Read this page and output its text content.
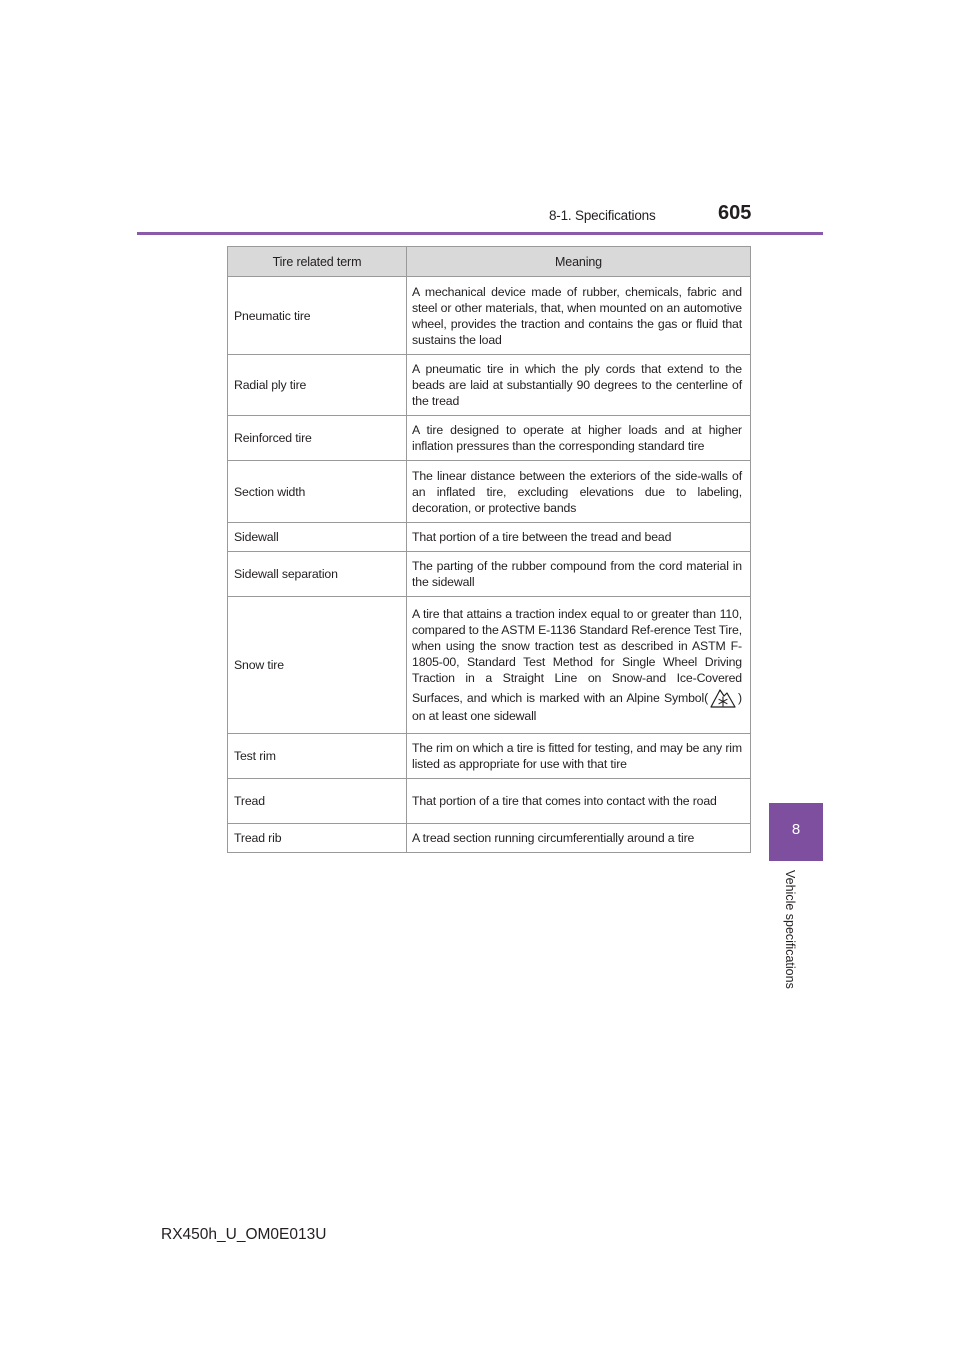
8-1. Specifications	605
8
Vehicle specifications
Tire related term	Meaning
Pneumatic tire	A mechanical device made of rubber, chemicals, fabric and steel or other materials, that, when mounted on an automotive wheel, provides the traction and contains the gas or fluid that sustains the load
Radial ply tire	A pneumatic tire in which the ply cords that extend to the beads are laid at substantially 90 degrees to the centerline of the tread
Reinforced tire	A tire designed to operate at higher loads and at higher inflation pressures than the corresponding standard tire
Section width	The linear distance between the exteriors of the side-walls of an inflated tire, excluding elevations due to labeling, decoration, or protective bands
Sidewall	That portion of a tire between the tread and bead
Sidewall separation	The parting of the rubber compound from the cord material in the sidewall
Snow tire	A tire that attains a traction index equal to or greater than 110, compared to the ASTM E-1136 Standard Ref-erence Test Tire, when using the snow traction test as described in ASTM F-1805-00, Standard Test Method for Single Wheel Driving Traction in a Straight Line on Snow-and Ice-Covered Surfaces, and which is marked with an Alpine Symbol( ) on at least one sidewall
Test rim	The rim on which a tire is fitted for testing, and may be any rim listed as appropriate for use with that tire
Tread	That portion of a tire that comes into contact with the road
Tread rib	A tread section running circumferentially around a tire
RX450h_U_OM0E013U
